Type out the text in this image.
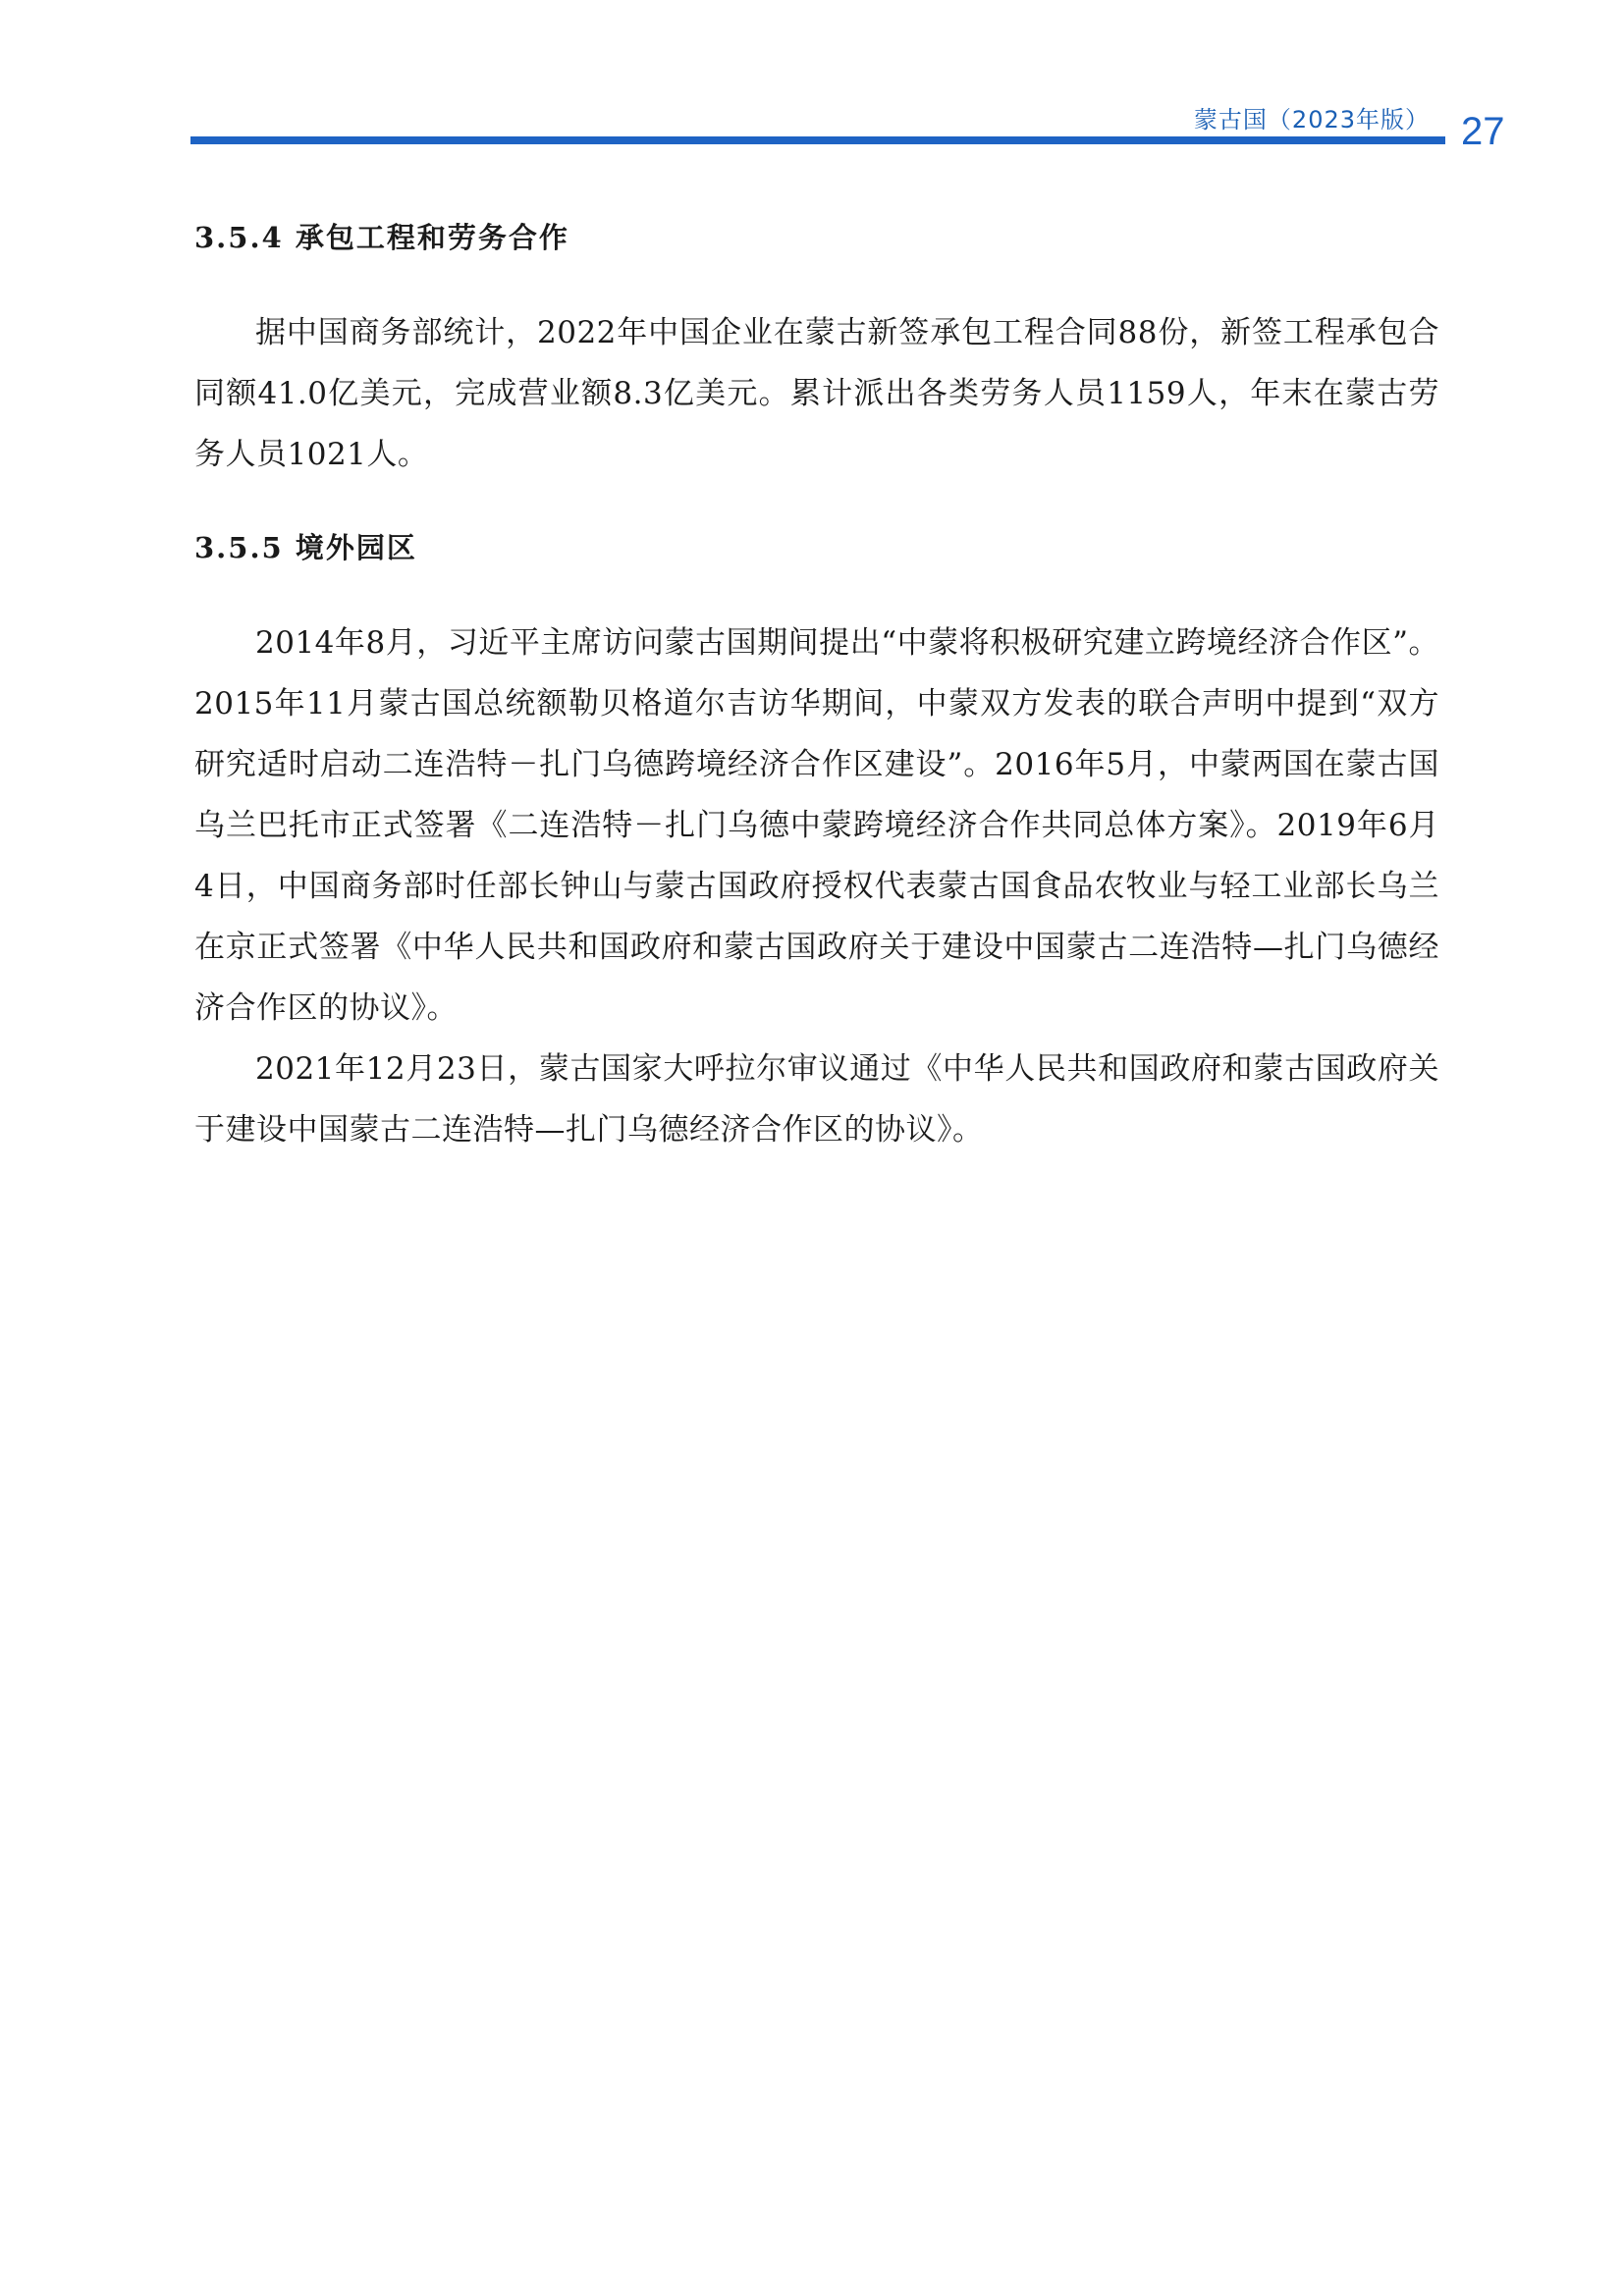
蒙古国（2023年版） 27
3.5.4 承包工程和劳务合作

据中国商务部统计，2022年中国企业在蒙古新签承包工程合同88份，新签工程承包合同额41.0亿美元，完成营业额8.3亿美元。累计派出各类劳务人员1159人，年末在蒙古劳务人员1021人。

3.5.5 境外园区

2014年8月，习近平主席访问蒙古国期间提出“中蒙将积极研究建立跨境经济合作区”。2015年11月蒙古国总统额勒贝格道尔吉访华期间，中蒙双方发表的联合声明中提到“双方研究适时启动二连浩特－扎门乌德跨境经济合作区建设”。2016年5月，中蒙两国在蒙古国乌兰巴托市正式签署《二连浩特－扎门乌德中蒙跨境经济合作共同总体方案》。2019年6月4日，中国商务部时任部长钟山与蒙古国政府授权代表蒙古国食品农牧业与轻工业部长乌兰在京正式签署《中华人民共和国政府和蒙古国政府关于建设中国蒙古二连浩特—扎门乌德经济合作区的协议》。

2021年12月23日，蒙古国家大呼拉尔审议通过《中华人民共和国政府和蒙古国政府关于建设中国蒙古二连浩特—扎门乌德经济合作区的协议》。
